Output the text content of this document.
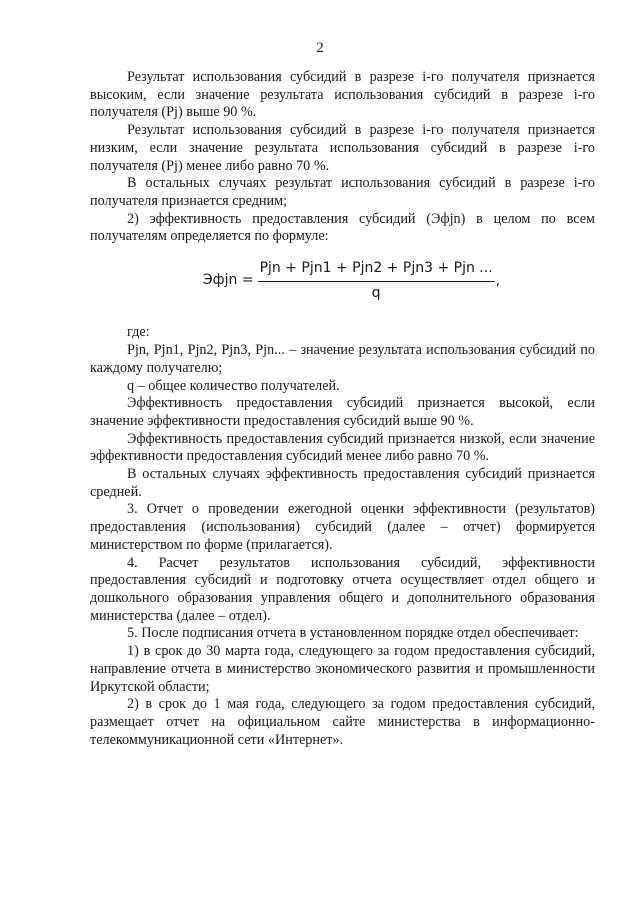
2

Результат использования субсидий в разрезе i-го получателя признается высоким, если значение результата использования субсидий в разрезе i-го получателя (Pj) выше 90 %.

Результат использования субсидий в разрезе i-го получателя признается низким, если значение результата использования субсидий в разрезе i-го получателя (Pj) менее либо равно 70 %.

В остальных случаях результат использования субсидий в разрезе i-го получателя признается средним;

2) эффективность предоставления субсидий (Эфjn) в целом по всем получателям определяется по формуле:

Эфjn = $\frac{\text{Pjn + Pjn1 + Pjn2 + Pjn3 + Pjn ...}}{q}$ ,

где:

Pjn, Pjn1, Pjn2, Pjn3, Pjn... – значение результата использования субсидий по каждому получателю;

q – общее количество получателей.

Эффективность предоставления субсидий признается высокой, если значение эффективности предоставления субсидий выше 90 %.

Эффективность предоставления субсидий признается низкой, если значение эффективности предоставления субсидий менее либо равно 70 %.

В остальных случаях эффективность предоставления субсидий признается средней.

3. Отчет о проведении ежегодной оценки эффективности (результатов) предоставления (использования) субсидий (далее – отчет) формируется министерством по форме (прилагается).

4. Расчет результатов использования субсидий, эффективности предоставления субсидий и подготовку отчета осуществляет отдел общего и дошкольного образования управления общего и дополнительного образования министерства (далее – отдел).

5. После подписания отчета в установленном порядке отдел обеспечивает:

1) в срок до 30 марта года, следующего за годом предоставления субсидий, направление отчета в министерство экономического развития и промышленности Иркутской области;

2) в срок до 1 мая года, следующего за годом предоставления субсидий, размещает отчет на официальном сайте министерства в информационно-телекоммуникационной сети «Интернет».
